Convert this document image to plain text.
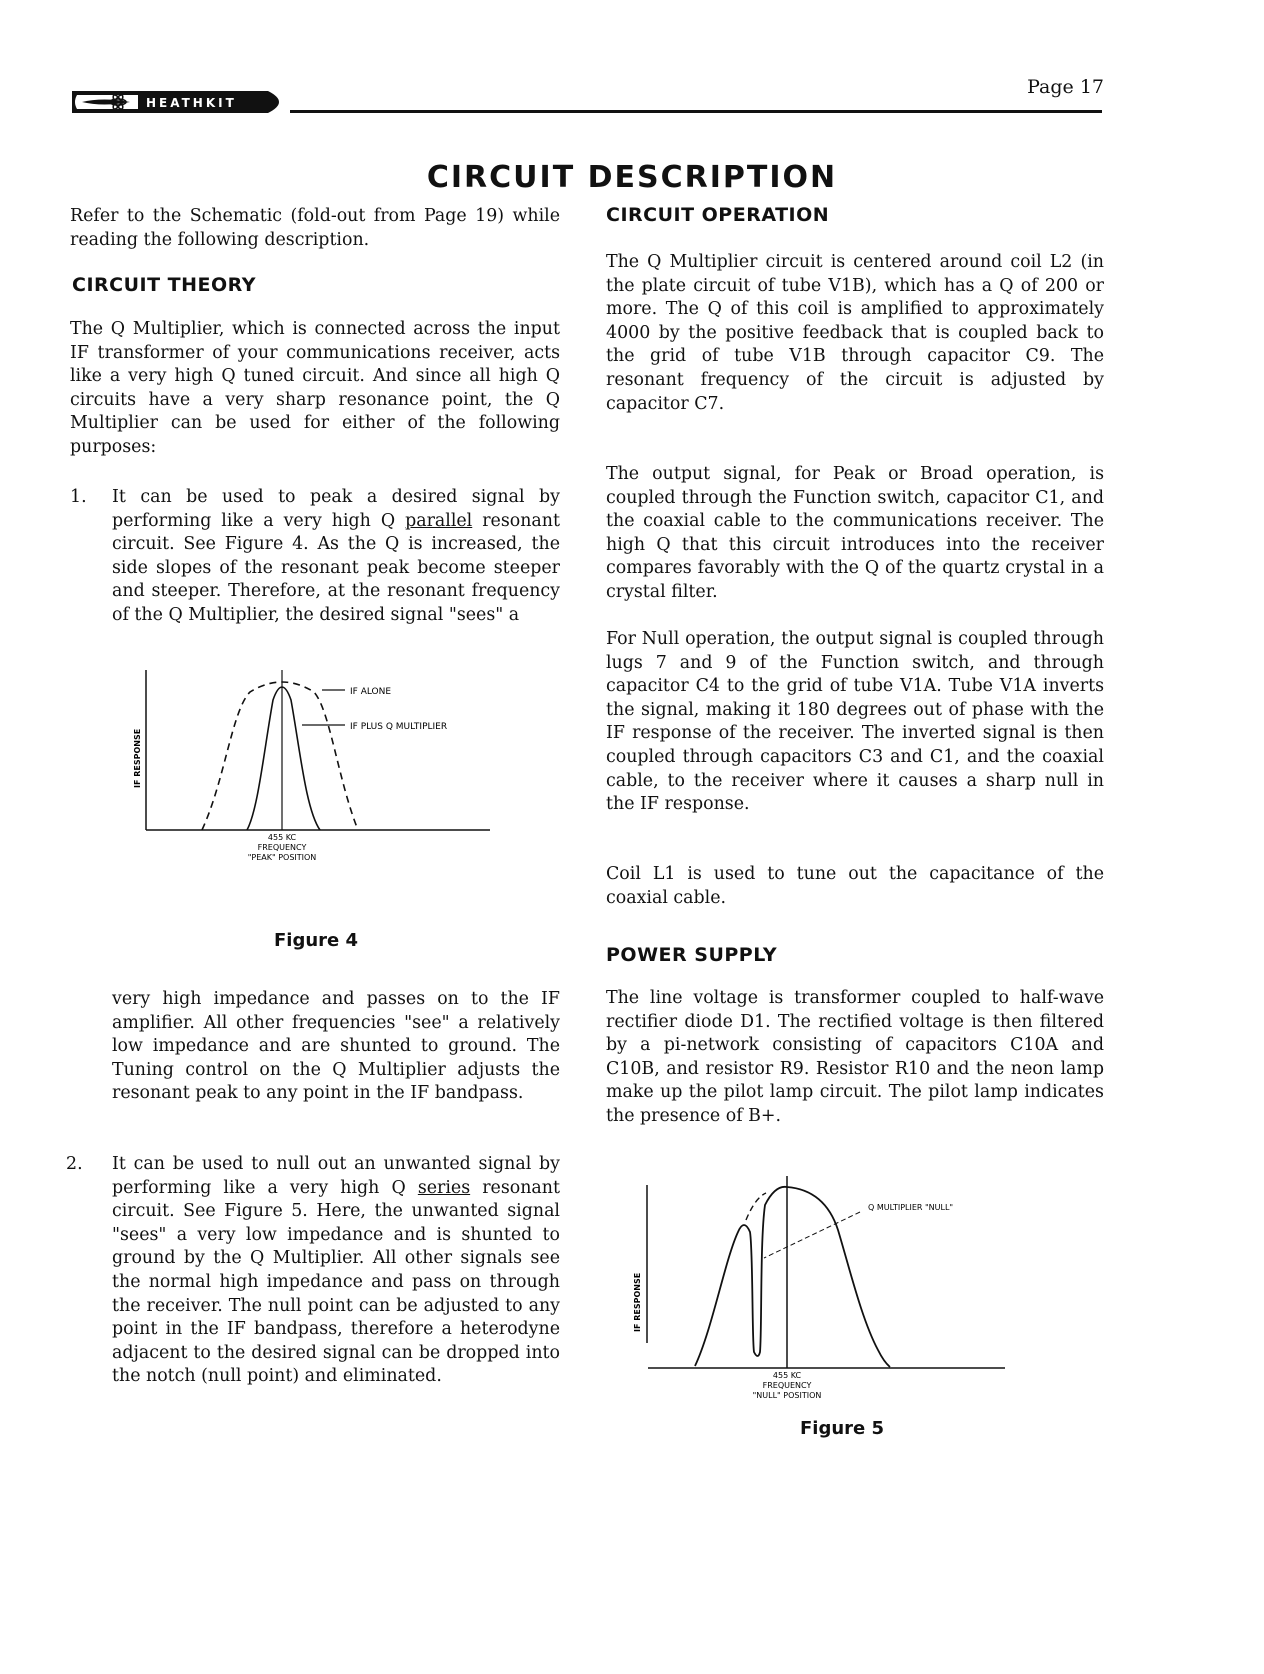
HEATHKIT
Page 17
CIRCUIT DESCRIPTION

Refer to the Schematic (fold-out from Page 19) while reading the following description.

CIRCUIT THEORY

The Q Multiplier, which is connected across the input IF transformer of your communications receiver, acts like a very high Q tuned circuit. And since all high Q circuits have a very sharp resonance point, the Q Multiplier can be used for either of the following purposes:

1. It can be used to peak a desired signal by performing like a very high Q parallel resonant circuit. See Figure 4. As the Q is increased, the side slopes of the resonant peak become steeper and steeper. Therefore, at the resonant frequency of the Q Multiplier, the desired signal "sees" a
IF ALONE
IF PLUS Q MULTIPLIER
IF RESPONSE
455 KC
FREQUENCY
"PEAK" POSITION
Figure 4

very high impedance and passes on to the IF amplifier. All other frequencies "see" a relatively low impedance and are shunted to ground. The Tuning control on the Q Multiplier adjusts the resonant peak to any point in the IF bandpass.

2. It can be used to null out an unwanted signal by performing like a very high Q series resonant circuit. See Figure 5. Here, the unwanted signal "sees" a very low impedance and is shunted to ground by the Q Multiplier. All other signals see the normal high impedance and pass on through the receiver. The null point can be adjusted to any point in the IF bandpass, therefore a heterodyne adjacent to the desired signal can be dropped into the notch (null point) and eliminated.
CIRCUIT OPERATION

The Q Multiplier circuit is centered around coil L2 (in the plate circuit of tube V1B), which has a Q of 200 or more. The Q of this coil is amplified to approximately 4000 by the positive feedback that is coupled back to the grid of tube V1B through capacitor C9. The resonant frequency of the circuit is adjusted by capacitor C7.

The output signal, for Peak or Broad operation, is coupled through the Function switch, capacitor C1, and the coaxial cable to the communications receiver. The high Q that this circuit introduces into the receiver compares favorably with the Q of the quartz crystal in a crystal filter.

For Null operation, the output signal is coupled through lugs 7 and 9 of the Function switch, and through capacitor C4 to the grid of tube V1A. Tube V1A inverts the signal, making it 180 degrees out of phase with the IF response of the receiver. The inverted signal is then coupled through capacitors C3 and C1, and the coaxial cable, to the receiver where it causes a sharp null in the IF response.

Coil L1 is used to tune out the capacitance of the coaxial cable.

POWER SUPPLY

The line voltage is transformer coupled to half-wave rectifier diode D1. The rectified voltage is then filtered by a pi-network consisting of capacitors C10A and C10B, and resistor R9. Resistor R10 and the neon lamp make up the pilot lamp circuit. The pilot lamp indicates the presence of B+.

Q MULTIPLIER "NULL"
IF RESPONSE
455 KC
FREQUENCY
"NULL" POSITION
Figure 5
